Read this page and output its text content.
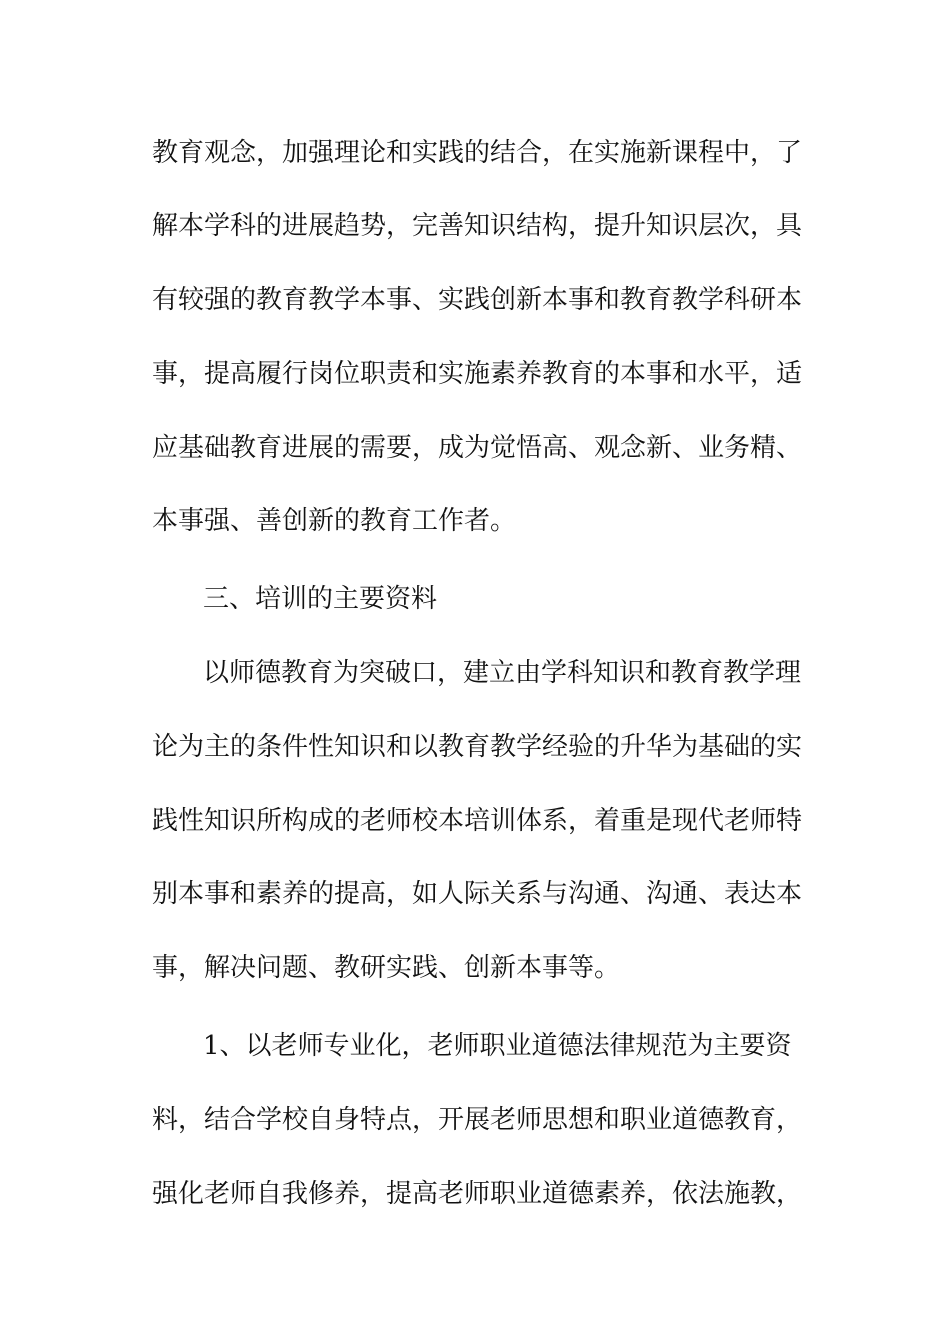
教育观念，加强理论和实践的结合，在实施新课程中，了

解本学科的进展趋势，完善知识结构，提升知识层次，具

有较强的教育教学本事、实践创新本事和教育教学科研本

事，提高履行岗位职责和实施素养教育的本事和水平，适

应基础教育进展的需要，成为觉悟高、观念新、业务精、

本事强、善创新的教育工作者。

三、培训的主要资料

以师德教育为突破口，建立由学科知识和教育教学理

论为主的条件性知识和以教育教学经验的升华为基础的实

践性知识所构成的老师校本培训体系，着重是现代老师特

别本事和素养的提高，如人际关系与沟通、沟通、表达本

事，解决问题、教研实践、创新本事等。

1、以老师专业化，老师职业道德法律规范为主要资

料，结合学校自身特点，开展老师思想和职业道德教育，

强化老师自我修养，提高老师职业道德素养，依法施教，
